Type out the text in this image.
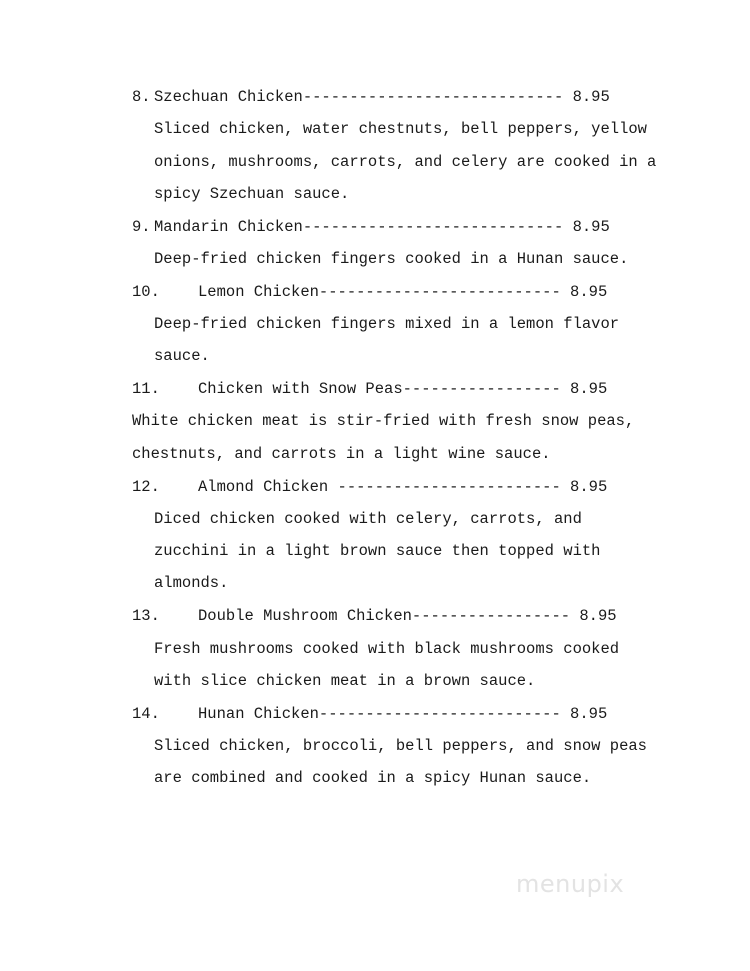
8. Szechuan Chicken---------------------------- 8.95
Sliced chicken, water chestnuts, bell peppers, yellow
onions, mushrooms, carrots, and celery are cooked in a
spicy Szechuan sauce.
9. Mandarin Chicken---------------------------- 8.95
Deep-fried chicken fingers cooked in a Hunan sauce.
10. Lemon Chicken-------------------------- 8.95
Deep-fried chicken fingers mixed in a lemon flavor
sauce.
11. Chicken with Snow Peas----------------- 8.95
White chicken meat is stir-fried with fresh snow peas,
chestnuts, and carrots in a light wine sauce.
12. Almond Chicken ------------------------ 8.95
Diced chicken cooked with celery, carrots, and
zucchini in a light brown sauce then topped with
almonds.
13. Double Mushroom Chicken----------------- 8.95
Fresh mushrooms cooked with black mushrooms cooked
with slice chicken meat in a brown sauce.
14. Hunan Chicken-------------------------- 8.95
Sliced chicken, broccoli, bell peppers, and snow peas
are combined and cooked in a spicy Hunan sauce.
menupix
